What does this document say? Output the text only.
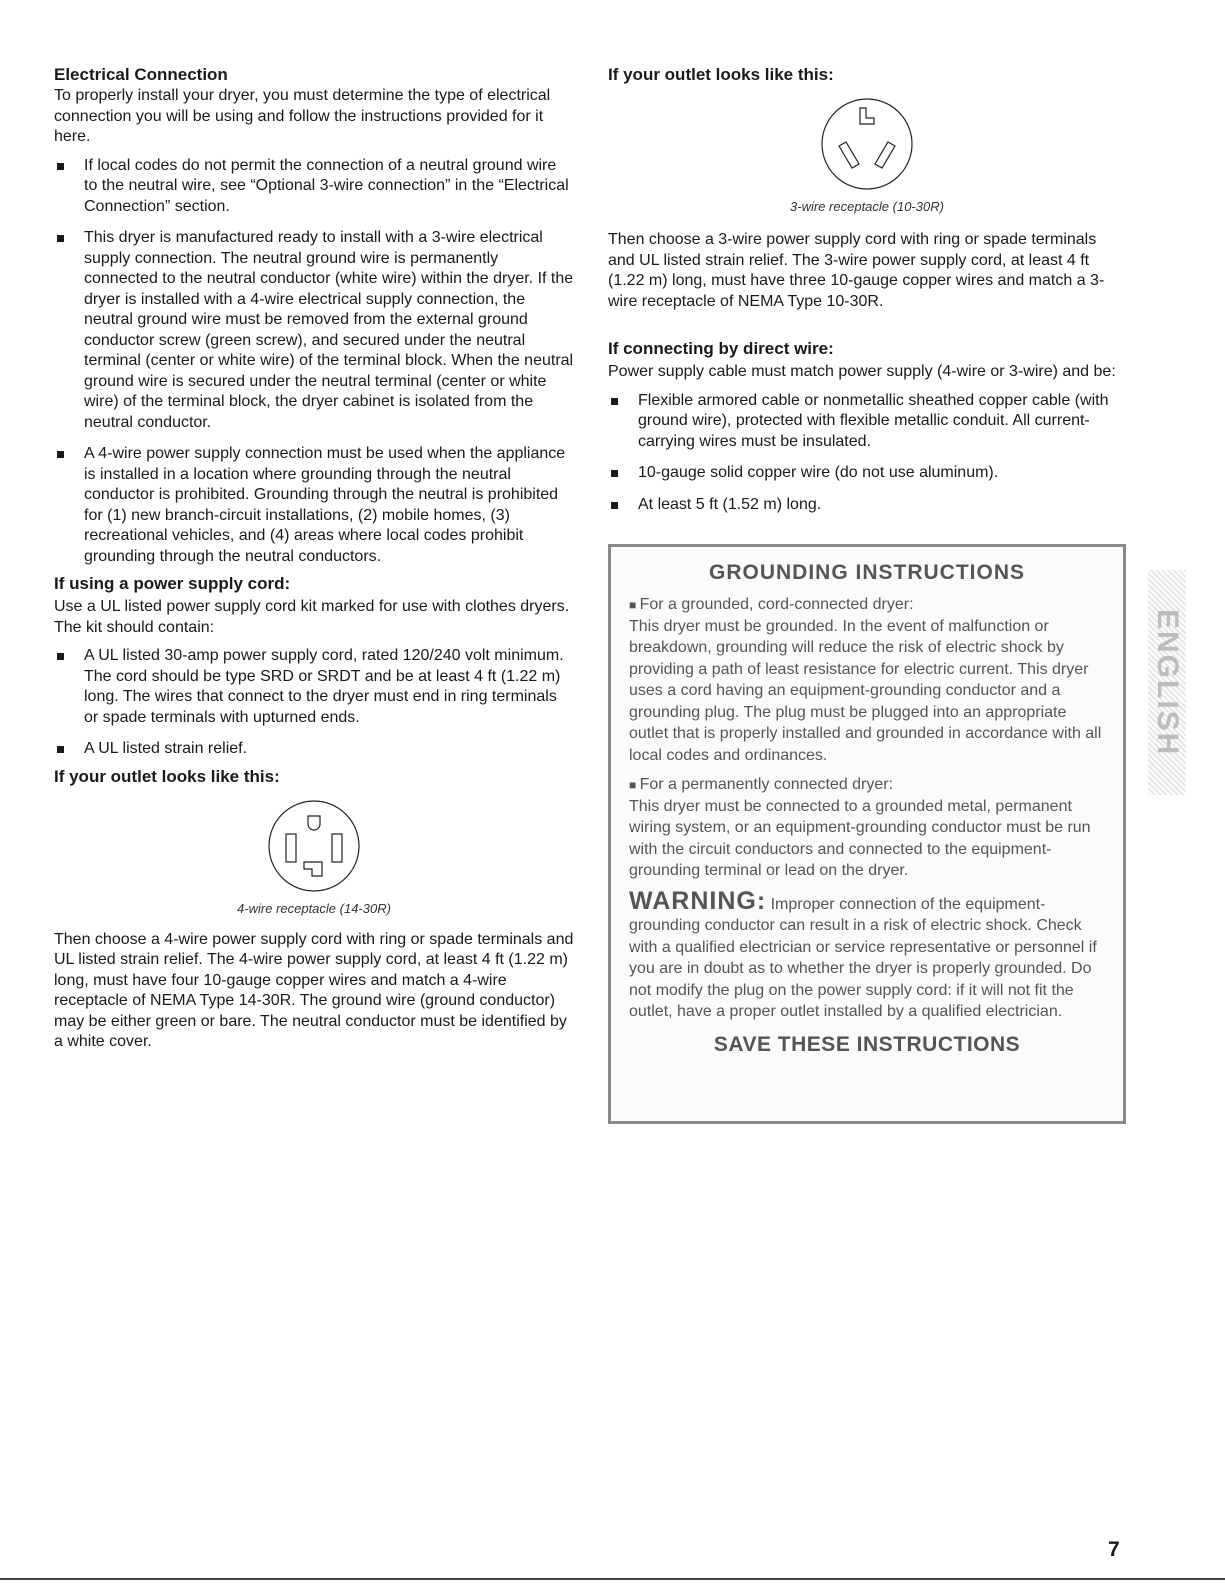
Electrical Connection

To properly install your dryer, you must determine the type of electrical connection you will be using and follow the instructions provided for it here.

If local codes do not permit the connection of a neutral ground wire to the neutral wire, see “Optional 3-wire connection” in the “Electrical Connection” section.
This dryer is manufactured ready to install with a 3-wire electrical supply connection. The neutral ground wire is permanently connected to the neutral conductor (white wire) within the dryer. If the dryer is installed with a 4-wire electrical supply connection, the neutral ground wire must be removed from the external ground conductor screw (green screw), and secured under the neutral terminal (center or white wire) of the terminal block. When the neutral ground wire is secured under the neutral terminal (center or white wire) of the terminal block, the dryer cabinet is isolated from the neutral conductor.
A 4-wire power supply connection must be used when the appliance is installed in a location where grounding through the neutral conductor is prohibited. Grounding through the neutral is prohibited for (1) new branch-circuit installations, (2) mobile homes, (3) recreational vehicles, and (4) areas where local codes prohibit grounding through the neutral conductors.
If using a power supply cord:

Use a UL listed power supply cord kit marked for use with clothes dryers. The kit should contain:

A UL listed 30-amp power supply cord, rated 120/240 volt minimum. The cord should be type SRD or SRDT and be at least 4 ft (1.22 m) long. The wires that connect to the dryer must end in ring terminals or spade terminals with upturned ends.
A UL listed strain relief.
If your outlet looks like this:
4-wire receptacle (14-30R)

Then choose a 4-wire power supply cord with ring or spade terminals and UL listed strain relief. The 4-wire power supply cord, at least 4 ft (1.22 m) long, must have four 10-gauge copper wires and match a 4-wire receptacle of NEMA Type 14-30R. The ground wire (ground conductor) may be either green or bare. The neutral conductor must be identified by a white cover.

If your outlet looks like this:
3-wire receptacle (10-30R)

Then choose a 3-wire power supply cord with ring or spade terminals and UL listed strain relief. The 3-wire power supply cord, at least 4 ft (1.22 m) long, must have three 10-gauge copper wires and match a 3-wire receptacle of NEMA Type 10-30R.

If connecting by direct wire:

Power supply cable must match power supply (4-wire or 3-wire) and be:

Flexible armored cable or nonmetallic sheathed copper cable (with ground wire), protected with flexible metallic conduit. All current-carrying wires must be insulated.
10-gauge solid copper wire (do not use aluminum).
At least 5 ft (1.52 m) long.
GROUNDING INSTRUCTIONS

■ For a grounded, cord-connected dryer:

This dryer must be grounded. In the event of malfunction or breakdown, grounding will reduce the risk of electric shock by providing a path of least resistance for electric current. This dryer uses a cord having an equipment-grounding conductor and a grounding plug. The plug must be plugged into an appropriate outlet that is properly installed and grounded in accordance with all local codes and ordinances.

■ For a permanently connected dryer:

This dryer must be connected to a grounded metal, permanent wiring system, or an equipment-grounding conductor must be run with the circuit conductors and connected to the equipment-grounding terminal or lead on the dryer.

WARNING: Improper connection of the equipment-grounding conductor can result in a risk of electric shock. Check with a qualified electrician or service representative or personnel if you are in doubt as to whether the dryer is properly grounded. Do not modify the plug on the power supply cord: if it will not fit the outlet, have a proper outlet installed by a qualified electrician.

SAVE THESE INSTRUCTIONS
ENGLISH
7
